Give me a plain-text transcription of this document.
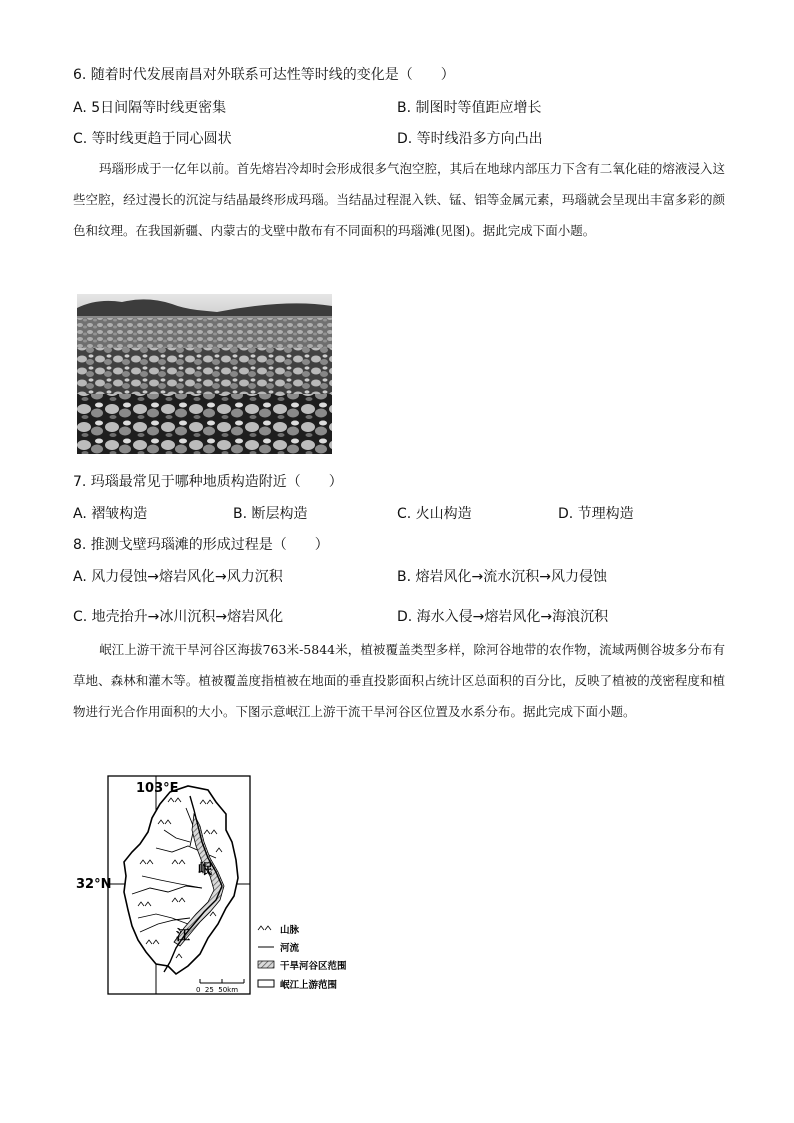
6. 随着时代发展南昌对外联系可达性等时线的变化是（　　）
A. 5日间隔等时线更密集	B. 制图时等值距应增长
C. 等时线更趋于同心圆状	D. 等时线沿多方向凸出
玛瑙形成于一亿年以前。首先熔岩冷却时会形成很多气泡空腔，其后在地球内部压力下含有二氧化硅的熔液浸入这些空腔，经过漫长的沉淀与结晶最终形成玛瑙。当结晶过程混入铁、锰、铝等金属元素，玛瑙就会呈现出丰富多彩的颜色和纹理。在我国新疆、内蒙古的戈壁中散布有不同面积的玛瑙滩(见图)。据此完成下面小题。
7. 玛瑙最常见于哪种地质构造附近（　　）
A. 褶皱构造	B. 断层构造	C. 火山构造	D. 节理构造
8. 推测戈壁玛瑙滩的形成过程是（　　）
A. 风力侵蚀→熔岩风化→风力沉积	B. 熔岩风化→流水沉积→风力侵蚀
C. 地壳抬升→冰川沉积→熔岩风化	D. 海水入侵→熔岩风化→海浪沉积
岷江上游干流干旱河谷区海拔763米-5844米，植被覆盖类型多样，除河谷地带的农作物，流域两侧谷坡多分布有草地、森林和灌木等。植被覆盖度指植被在地面的垂直投影面积占统计区总面积的百分比，反映了植被的茂密程度和植物进行光合作用面积的大小。下图示意岷江上游干流干旱河谷区位置及水系分布。据此完成下面小题。
103°E
32°N
岷
江
0  25  50km
山脉
河流
干旱河谷区范围
岷江上游范围
